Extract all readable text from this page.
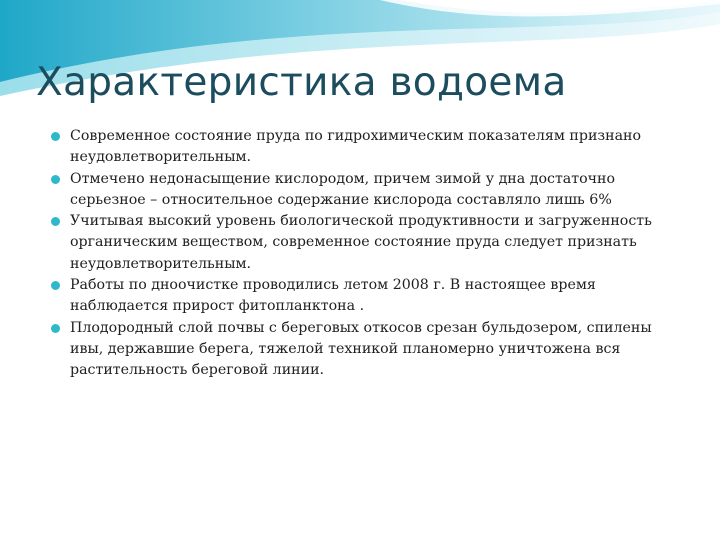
Характеристика водоема
Современное состояние пруда по гидрохимическим показателям признано неудовлетворительным.
Отмечено недонасыщение кислородом, причем зимой у дна достаточно серьезное – относительное содержание кислорода составляло лишь 6%
Учитывая высокий уровень биологической продуктивности и загруженность органическим веществом, современное состояние пруда следует признать неудовлетворительным.
Работы по дноочистке проводились летом 2008 г. В настоящее время наблюдается прирост фитопланктона .
Плодородный слой почвы с береговых откосов срезан бульдозером, спилены ивы, державшие берега, тяжелой техникой планомерно уничтожена вся растительность береговой линии.
